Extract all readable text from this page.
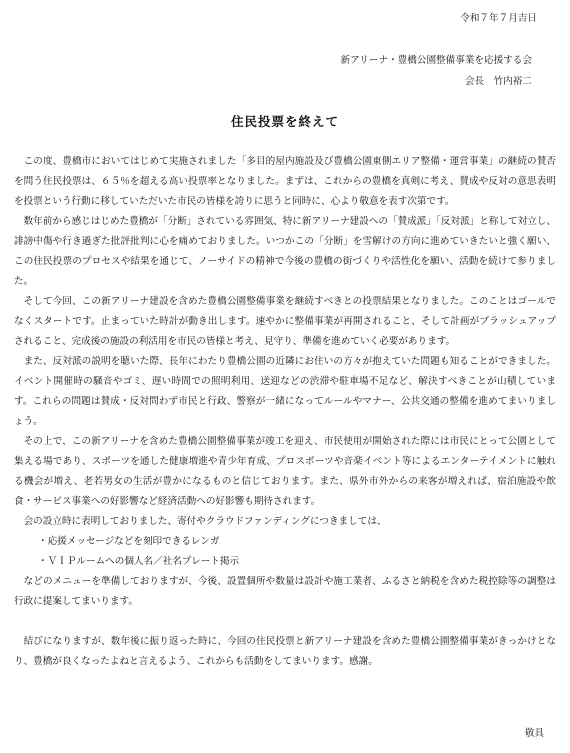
令和７年７月吉日
新アリーナ・豊橋公園整備事業を応援する会
会長　竹内裕二
住民投票を終えて

この度、豊橋市においてはじめて実施されました「多目的屋内施設及び豊橋公園東側エリア整備・運営事業」の継続の賛否を問う住民投票は、６５％を超える高い投票率となりました。まずは、これからの豊橋を真剣に考え、賛成や反対の意思表明を投票という行動に移していただいた市民の皆様を誇りに思うと同時に、心より敬意を表す次第です。

数年前から感じはじめた豊橋が「分断」されている雰囲気、特に新アリーナ建設への「賛成派」「反対派」と称して対立し、誹謗中傷や行き過ぎた批評批判に心を痛めておりました。いつかこの「分断」を雪解けの方向に進めていきたいと強く願い、この住民投票のプロセスや結果を通じて、ノーサイドの精神で今後の豊橋の街づくりや活性化を願い、活動を続けて参りました。

そして今回、この新アリーナ建設を含めた豊橋公園整備事業を継続すべきとの投票結果となりました。このことはゴールでなくスタートです。止まっていた時計が動き出します。速やかに整備事業が再開されること、そして計画がブラッシュアップされること、完成後の施設の利活用を市民の皆様と考え、見守り、準備を進めていく必要があります。

また、反対派の説明を聴いた際、長年にわたり豊橋公園の近隣にお住いの方々が抱えていた問題も知ることができました。イベント開催時の騒音やゴミ、遅い時間での照明利用、送迎などの渋滞や駐車場不足など、解決すべきことが山積しています。これらの問題は賛成・反対問わず市民と行政、警察が一緒になってルールやマナー、公共交通の整備を進めてまいりましょう。

その上で、この新アリーナを含めた豊橋公園整備事業が竣工を迎え、市民使用が開始された際には市民にとって公園として集える場であり、スポーツを通した健康増進や青少年育成、プロスポーツや音楽イベント等によるエンターテイメントに触れる機会が増え、老若男女の生活が豊かになるものと信じております。また、県外市外からの来客が増えれば、宿泊施設や飲食・サービス事業への好影響など経済活動への好影響も期待されます。

会の設立時に表明しておりました、寄付やクラウドファンディングにつきましては、

・応援メッセージなどを刻印できるレンガ

・ＶＩＰルームへの個人名／社名プレート掲示

などのメニューを準備しておりますが、今後、設置個所や数量は設計や施工業者、ふるさと納税を含めた税控除等の調整は行政に提案してまいります。

結びになりますが、数年後に振り返った時に、今回の住民投票と新アリーナ建設を含めた豊橋公園整備事業がきっかけとなり、豊橋が良くなったよねと言えるよう、これからも活動をしてまいります。感謝。

敬具
